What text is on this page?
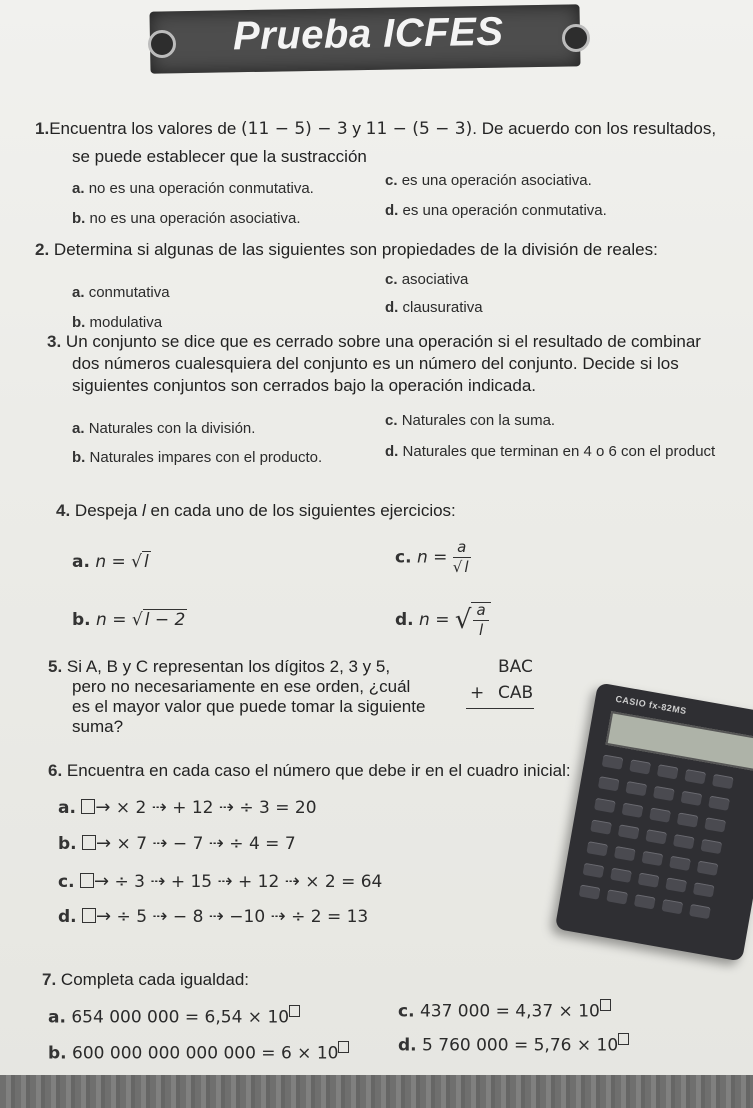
Prueba ICFES
1.Encuentra los valores de (11 − 5) − 3 y 11 − (5 − 3). De acuerdo con los resultados,
se puede establecer que la sustracción
a. no es una operación conmutativa.
b. no es una operación asociativa.
c. es una operación asociativa.
d. es una operación conmutativa.
2. Determina si algunas de las siguientes son propiedades de la división de reales:
a. conmutativa
b. modulativa
c. asociativa
d. clausurativa
3. Un conjunto se dice que es cerrado sobre una operación si el resultado de combinar
dos números cualesquiera del conjunto es un número del conjunto. Decide si los
siguientes conjuntos son cerrados bajo la operación indicada.
a. Naturales con la división.
b. Naturales impares con el producto.
c. Naturales con la suma.
d. Naturales que terminan en 4 o 6 con el product
4. Despeja l en cada uno de los siguientes ejercicios:
a. n = √ l
b. n = √ l − 2
c. $n = \frac{a}{√ l}$
d. n = √ $\frac{a}{l}$
5. Si A, B y C representan los dígitos 2, 3 y 5,
pero no necesariamente en ese orden, ¿cuál
es el mayor valor que puede tomar la siguiente
suma?
BAC
+ CAB
CASIO fx-82MS
6. Encuentra en cada caso el número que debe ir en el cuadro inicial:
a. → × 2 ⇢ + 12 ⇢ ÷ 3 = 20
b. → × 7 ⇢ − 7 ⇢ ÷ 4 = 7
c. → ÷ 3 ⇢ + 15 ⇢ + 12 ⇢ × 2 = 64
d. → ÷ 5 ⇢ − 8 ⇢ −10 ⇢ ÷ 2 = 13
7. Completa cada igualdad:
a. 654 000 000 = 6,54 × 10
b. 600 000 000 000 000 = 6 × 10
c. 437 000 = 4,37 × 10
d. 5 760 000 = 5,76 × 10
